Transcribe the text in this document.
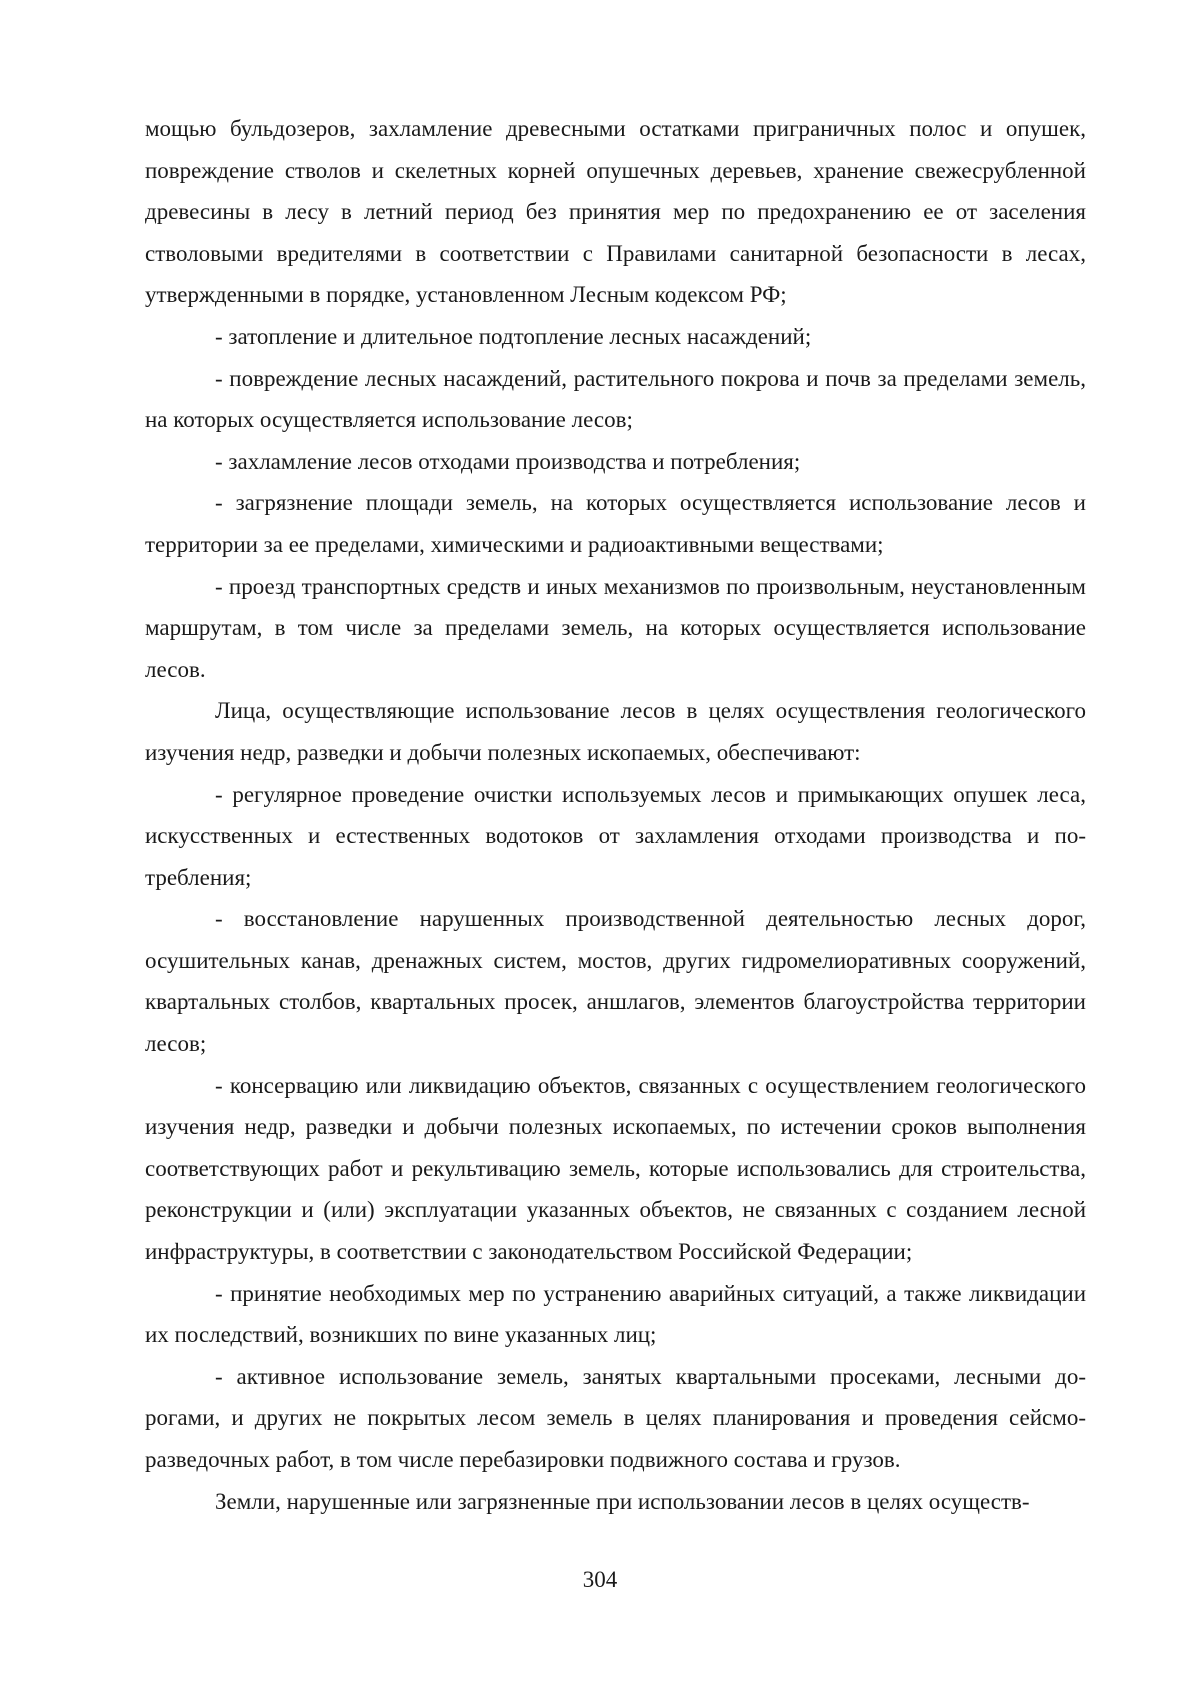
мощью бульдозеров, захламление древесными остатками приграничных полос и опушек, повреждение стволов и скелетных корней опушечных деревьев, хранение свежесрубленной древесины в лесу в летний период без принятия мер по предохранению ее от заселения стволовыми вредителями в соответствии с Правилами санитарной безопасности в лесах, утвержденными в порядке, установленном Лесным кодексом РФ;

- затопление и длительное подтопление лесных насаждений;

- повреждение лесных насаждений, растительного покрова и почв за пределами земель, на которых осуществляется использование лесов;

- захламление лесов отходами производства и потребления;

- загрязнение площади земель, на которых осуществляется использование лесов и территории за ее пределами, химическими и радиоактивными веществами;

- проезд транспортных средств и иных механизмов по произвольным, неустановленным маршрутам, в том числе за пределами земель, на которых осуществляется использование лесов.

Лица, осуществляющие использование лесов в целях осуществления геологического изучения недр, разведки и добычи полезных ископаемых, обеспечивают:

- регулярное проведение очистки используемых лесов и примыкающих опушек леса, искусственных и естественных водотоков от захламления отходами производства и потребления;

- восстановление нарушенных производственной деятельностью лесных дорог, осушительных канав, дренажных систем, мостов, других гидромелиоративных сооружений, квартальных столбов, квартальных просек, аншлагов, элементов благоустройства территории лесов;

- консервацию или ликвидацию объектов, связанных с осуществлением геологического изучения недр, разведки и добычи полезных ископаемых, по истечении сроков выполнения соответствующих работ и рекультивацию земель, которые использовались для строительства, реконструкции и (или) эксплуатации указанных объектов, не связанных с созданием лесной инфраструктуры, в соответствии с законодательством Российской Федерации;

- принятие необходимых мер по устранению аварийных ситуаций, а также ликвидации их последствий, возникших по вине указанных лиц;

- активное использование земель, занятых квартальными просеками, лесными дорогами, и других не покрытых лесом земель в целях планирования и проведения сейсморазведочных работ, в том числе перебазировки подвижного состава и грузов.

Земли, нарушенные или загрязненные при использовании лесов в целях осуществ-

304
